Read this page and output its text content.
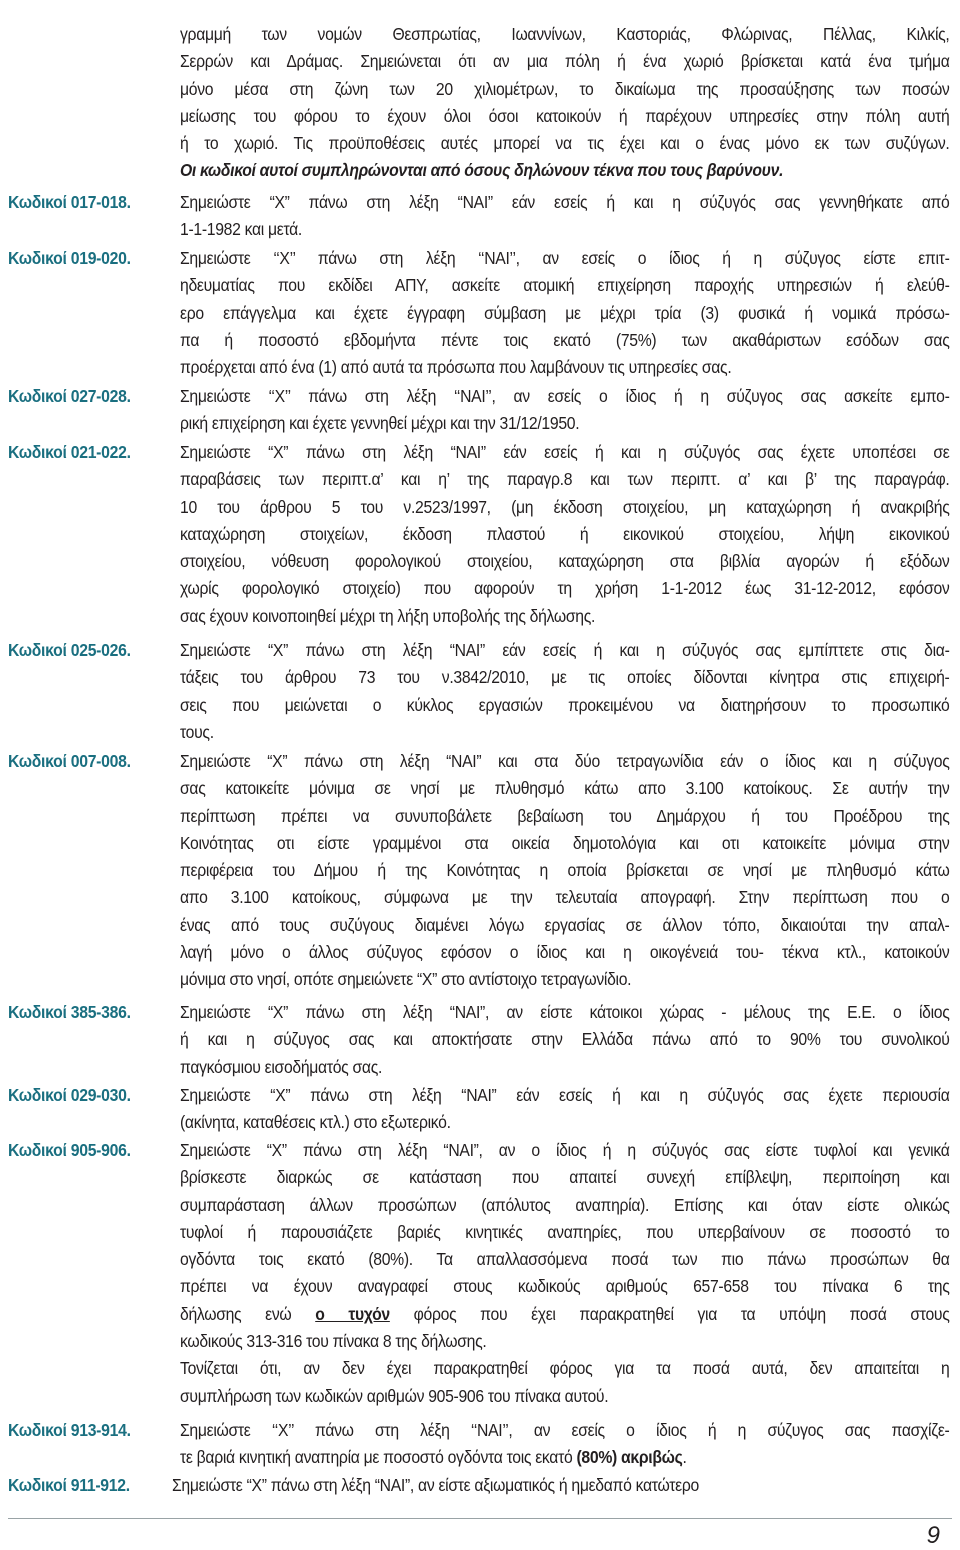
γραμμή των νομών Θεσπρωτίας, Ιωαννίνων, Καστοριάς, Φλώρινας, Πέλλας, Κιλκίς,
Σερρών και Δράμας. Σημειώνεται ότι αν μια πόλη ή ένα χωριό βρίσκεται κατά ένα τμήμα
μόνο μέσα στη ζώνη των 20 χιλιομέτρων, το δικαίωμα της προσαύξησης των ποσών
μείωσης του φόρου το έχουν όλοι όσοι κατοικούν ή παρέχουν υπηρεσίες στην πόλη αυτή
ή το χωριό. Τις προϋποθέσεις αυτές μπορεί να τις έχει και ο ένας μόνο εκ των συζύγων.
Οι κωδικοί αυτοί συμπληρώνονται από όσους δηλώνουν τέκνα που τους βαρύνουν.
Κωδικοί 017-018.	Σημειώστε “Χ” πάνω στη λέξη “ΝΑΙ” εάν εσείς ή και η σύζυγός σας γεννηθήκατε από
1-1-1982 και μετά.
Κωδικοί 019-020.	Σημειώστε ‘‘Χ’’ πάνω στη λέξη ‘‘ΝΑΙ’’, αν εσείς ο ίδιος ή η σύζυγος είστε επιτ-
ηδευματίας που εκδίδει ΑΠΥ, ασκείτε ατομική επιχείρηση παροχής υπηρεσιών ή ελεύθ-
ερο επάγγελμα και έχετε έγγραφη σύμβαση με μέχρι τρία (3) φυσικά ή νομικά πρόσω-
πα ή ποσοστό εβδομήντα πέντε τοις εκατό (75%) των ακαθάριστων εσόδων σας
προέρχεται από ένα (1) από αυτά τα πρόσωπα που λαμβάνουν τις υπηρεσίες σας.
Κωδικοί 027-028.	Σημειώστε ‘‘Χ’’ πάνω στη λέξη ‘‘ΝΑΙ’’, αν εσείς ο ίδιος ή η σύζυγος σας ασκείτε εμπο-
ρική επιχείρηση και έχετε γεννηθεί μέχρι και την 31/12/1950.
Κωδικοί 021-022.	Σημειώστε “Χ” πάνω στη λέξη “ΝΑΙ” εάν εσείς ή και η σύζυγός σας έχετε υποπέσει σε
παραβάσεις των περιπτ.α’ και η’ της παραγρ.8 και των περιπτ. α’ και β’ της παραγράφ.
10 του άρθρου 5 του ν.2523/1997, (μη έκδοση στοιχείου, μη καταχώρηση ή ανακριβής
καταχώρηση στοιχείων, έκδοση πλαστού ή εικονικού στοιχείου, λήψη εικονικού
στοιχείου, νόθευση φορολογικού στοιχείου, καταχώρηση στα βιβλία αγορών ή εξόδων
χωρίς φορολογικό στοιχείο) που αφορούν τη χρήση 1-1-2012 έως 31-12-2012, εφόσον
σας έχουν κοινοποιηθεί μέχρι τη λήξη υποβολής της δήλωσης.
Κωδικοί 025-026.	Σημειώστε “Χ” πάνω στη λέξη “ΝΑΙ” εάν εσείς ή και η σύζυγός σας εμπίπτετε στις δια-
τάξεις του άρθρου 73 του ν.3842/2010, με τις οποίες δίδονται κίνητρα στις επιχειρή-
σεις που μειώνεται ο κύκλος εργασιών προκειμένου να διατηρήσουν το προσωπικό
τους.
Κωδικοί 007-008.	Σημειώστε “Χ” πάνω στη λέξη “ΝΑΙ” και στα δύο τετραγωνίδια εάν ο ίδιος και η σύζυγος
σας κατοικείτε μόνιμα σε νησί με πλυθησμό κάτω απο 3.100 κατοίκους. Σε αυτήν την
περίπτωση πρέπει να συνυποβάλετε βεβαίωση του Δημάρχου ή του Προέδρου της
Κοινότητας οτι είστε γραμμένοι στα οικεία δημοτολόγια και οτι κατοικείτε μόνιμα στην
περιφέρεια του Δήμου ή της Κοινότητας η οποία βρίσκεται σε νησί με πληθυσμό κάτω
απο 3.100 κατοίκους, σύμφωνα με την τελευταία απογραφή. Στην περίπτωση που ο
ένας από τους συζύγους διαμένει λόγω εργασίας σε άλλον τόπο, δικαιούται την απαλ-
λαγή μόνο ο άλλος σύζυγος εφόσον ο ίδιος και η οικογένειά του- τέκνα κτλ., κατοικούν
μόνιμα στο νησί, οπότε σημειώνετε “Χ” στο αντίστοιχο τετραγωνίδιο.
Κωδικοί 385-386.	Σημειώστε “Χ” πάνω στη λέξη “ΝΑΙ”, αν είστε κάτοικοι χώρας - μέλους της Ε.Ε. ο ίδιος
ή και η σύζυγος σας και αποκτήσατε στην Ελλάδα πάνω από το 90% του συνολικού
παγκόσμιου εισοδήματός σας.
Κωδικοί 029-030.	Σημειώστε “Χ” πάνω στη λέξη “ΝΑΙ” εάν εσείς ή και η σύζυγός σας έχετε περιουσία
(ακίνητα, καταθέσεις κτλ.) στο εξωτερικό.
Κωδικοί 905-906.	Σημειώστε “Χ” πάνω στη λέξη “ΝΑΙ”, αν ο ίδιος ή η σύζυγός σας είστε τυφλοί και γενικά
βρίσκεστε διαρκώς σε κατάσταση που απαιτεί συνεχή επίβλεψη, περιποίηση και
συμπαράσταση άλλων προσώπων (απόλυτος αναπηρία). Επίσης και όταν είστε ολικώς
τυφλοί ή παρουσιάζετε βαριές κινητικές αναπηρίες, που υπερβαίνουν σε ποσοστό το
ογδόντα τοις εκατό (80%). Τα απαλλασσόμενα ποσά των πιο πάνω προσώπων θα
πρέπει να έχουν αναγραφεί στους κωδικούς αριθμούς 657-658 του πίνακα 6 της
δήλωσης ενώ ο τυχόν φόρος που έχει παρακρατηθεί για τα υπόψη ποσά στους
κωδικούς 313-316 του πίνακα 8 της δήλωσης.
Τονίζεται ότι, αν δεν έχει παρακρατηθεί φόρος για τα ποσά αυτά, δεν απαιτείται η
συμπλήρωση των κωδικών αριθμών 905-906 του πίνακα αυτού.
Κωδικοί 913-914.	Σημειώστε ‘‘Χ’’ πάνω στη λέξη ‘‘ΝΑΙ’’, αν εσείς ο ίδιος ή η σύζυγος σας πασχίζε-
τε βαριά κινητική αναπηρία με ποσοστό ογδόντα τοις εκατό (80%) ακριβώς.
Κωδικοί 911-912. Σημειώστε “Χ” πάνω στη λέξη “ΝΑΙ”, αν είστε αξιωματικός ή ημεδαπό κατώτερο
9
